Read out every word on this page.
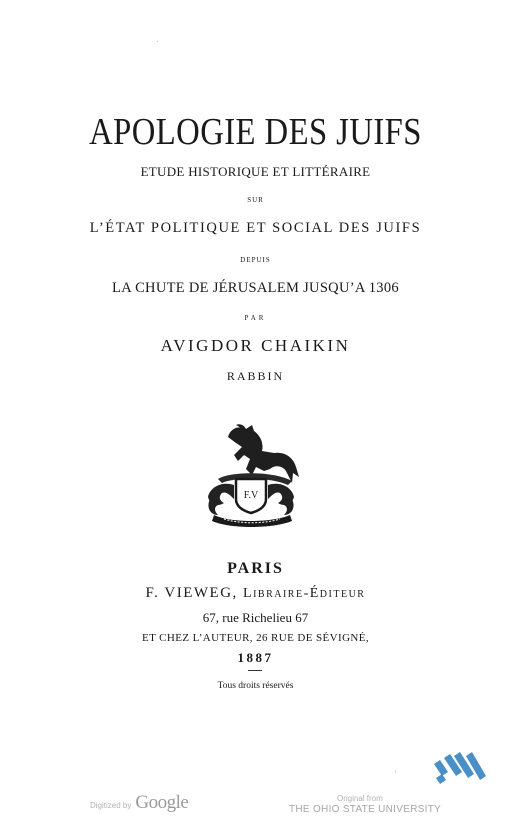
APOLOGIE DES JUIFS
ETUDE HISTORIQUE ET LITTÉRAIRE
SUR
L’ÉTAT POLITIQUE ET SOCIAL DES JUIFS
DEPUIS
LA CHUTE DE JÉRUSALEM JUSQU’A 1306
PAR
AVIGDOR CHAIKIN
RABBIN
F.V
PARIS
F. VIEWEG, Libraire-Éditeur
67, rue Richelieu 67
ET CHEZ L’AUTEUR, 26 RUE DE SÉVIGNÉ,
1887
Tous droits réservés
Digitized by Google	Original from
THE OHIO STATE UNIVERSITY
